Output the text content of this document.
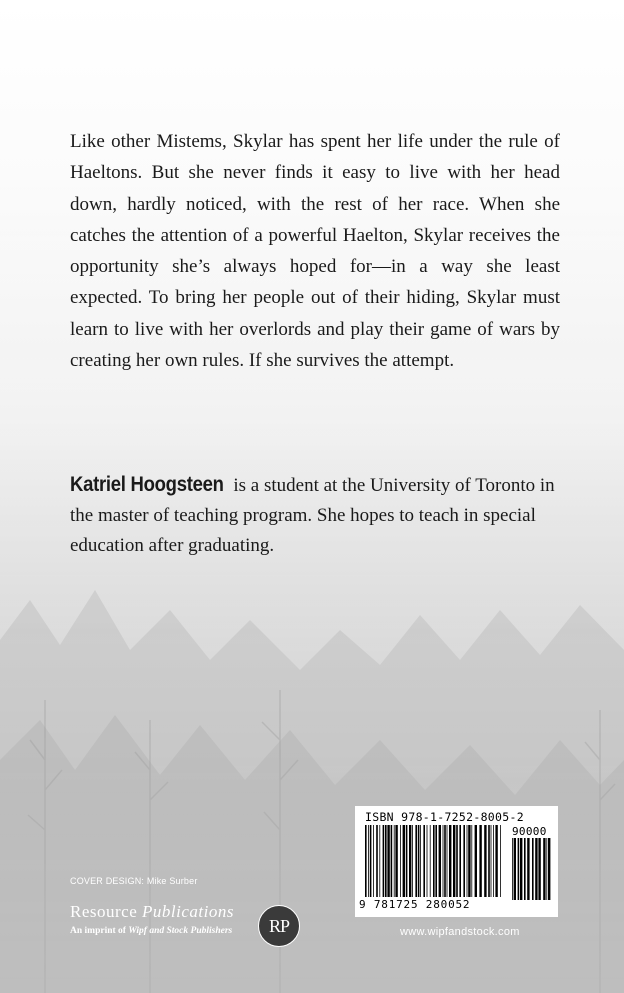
Like other Mistems, Skylar has spent her life under the rule of Haeltons. But she never finds it easy to live with her head down, hardly noticed, with the rest of her race. When she catches the attention of a powerful Haelton, Skylar receives the opportunity she’s always hoped for—in a way she least expected. To bring her people out of their hiding, Skylar must learn to live with her overlords and play their game of wars by creating her own rules. If she survives the attempt.

Katriel Hoogsteen is a student at the University of Toronto in the master of teaching program. She hopes to teach in special education after graduating.

COVER DESIGN: Mike Surber
Resource Publications
An imprint of Wipf and Stock Publishers	RP
ISBN 978-1-7252-8005-2
90000
9 781725 280052
www.wipfandstock.com
